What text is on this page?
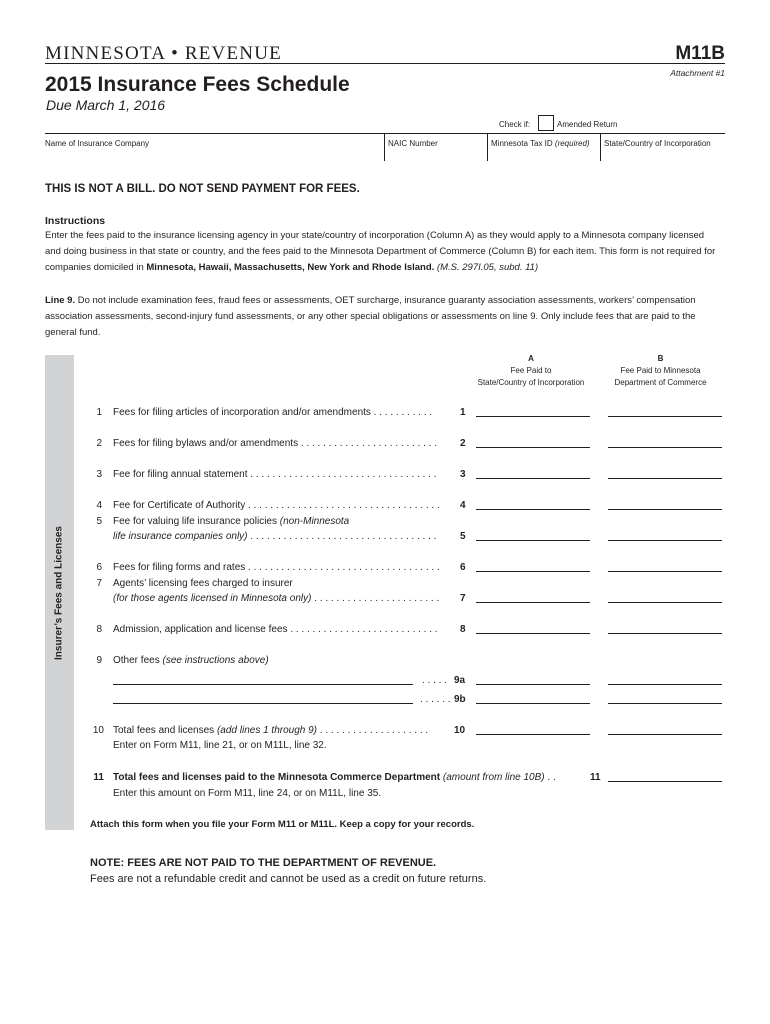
MINNESOTA • REVENUE	M11B
Attachment #1
2015 Insurance Fees Schedule
Due March 1, 2016
Check if:	Amended Return
Name of Insurance Company	NAIC Number	Minnesota Tax ID (required) State/Country of Incorporation
THIS IS NOT A BILL. DO NOT SEND PAYMENT FOR FEES.
Instructions
Enter the fees paid to the insurance licensing agency in your state/country of incorporation (Column A) as they would apply to a Minnesota company licensed and doing business in that state or country, and the fees paid to the Minnesota Department of Commerce (Column B) for each item. This form is not required for companies domiciled in Minnesota, Hawaii, Massachusetts, New York and Rhode Island. (M.S. 297I.05, subd. 11)
Line 9. Do not include examination fees, fraud fees or assessments, OET surcharge, insurance guaranty association assessments, workers’ compensation association assessments, second-injury fund assessments, or any other special obligations or assessments on line 9. Only include fees that are paid to the general fund.
Insurer’s Fees and Licenses
A
Fee Paid to
State/Country of Incorporation
B
Fee Paid to Minnesota
Department of Commerce
1 Fees for filing articles of incorporation and/or amendments . . . . . . . . . . .	1
2 Fees for filing bylaws and/or amendments . . . . . . . . . . . . . . . . . . . . . . . . . 2
3 Fee for filing annual statement . . . . . . . . . . . . . . . . . . . . . . . . . . . . . . . . . . 3
4 Fee for Certificate of Authority . . . . . . . . . . . . . . . . . . . . . . . . . . . . . . . . . . . 4
5 Fee for valuing life insurance policies (non-Minnesota
life insurance companies only) . . . . . . . . . . . . . . . . . . . . . . . . . . . . . . . . . . 5
6 Fees for filing forms and rates . . . . . . . . . . . . . . . . . . . . . . . . . . . . . . . . . . . 6
7 Agents’ licensing fees charged to insurer
(for those agents licensed in Minnesota only) . . . . . . . . . . . . . . . . . . . . . . . 7
8 Admission, application and license fees . . . . . . . . . . . . . . . . . . . . . . . . . . . 8
9 Other fees (see instructions above)
. . . . . 9a
. . . . . . 9b
10 Total fees and licenses (add lines 1 through 9) . . . . . . . . . . . . . . . . . . . .	10
Enter on Form M11, line 21, or on M11L, line 32.
11 Total fees and licenses paid to the Minnesota Commerce Department (amount from line 10B) . .	11
Enter this amount on Form M11, line 24, or on M11L, line 35.
Attach this form when you file your Form M11 or M11L. Keep a copy for your records.
NOTE: FEES ARE NOT PAID TO THE DEPARTMENT OF REVENUE.
Fees are not a refundable credit and cannot be used as a credit on future returns.
